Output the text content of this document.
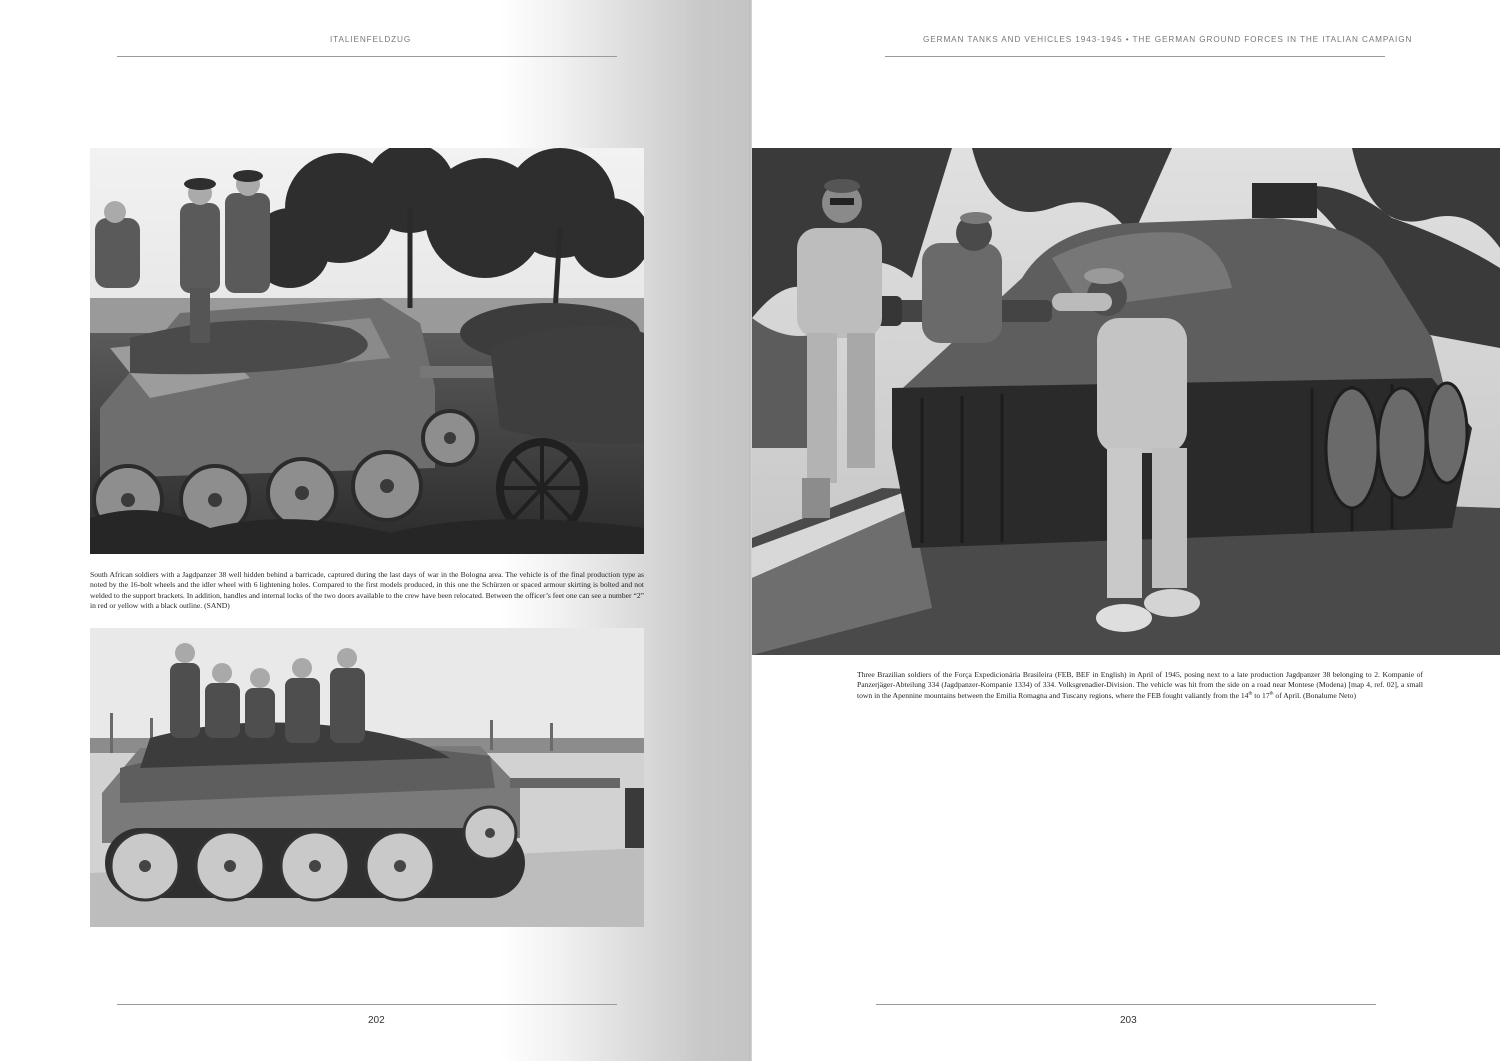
ITALIENFELDZUG
South African soldiers with a Jagdpanzer 38 well hidden behind a barricade, captured during the last days of war in the Bologna area. The vehicle is of the final production type as noted by the 16-bolt wheels and the idler wheel with 6 lightening holes. Compared to the first models produced, in this one the Schürzen or spaced armour skirting is bolted and not welded to the support brackets. In addition, handles and internal locks of the two doors available to the crew have been relocated. Between the officer’s feet one can see a number “2” in red or yellow with a black outline. (SAND)
202
GERMAN TANKS AND VEHICLES 1943-1945 • THE GERMAN GROUND FORCES IN THE ITALIAN CAMPAIGN
Three Brazilian soldiers of the Força Expedicionária Brasileira (FEB, BEF in English) in April of 1945, posing next to a late production Jagdpanzer 38 belonging to 2. Kompanie of Panzerjäger-Abteilung 334 (Jagdpanzer-Kompanie 1334) of 334. Volksgrenadier-Division. The vehicle was hit from the side on a road near Montese (Modena) [map 4, ref. 02], a small town in the Apennine mountains between the Emilia Romagna and Tuscany regions, where the FEB fought valiantly from the 14th to 17th of April. (Bonalume Neto)
203
